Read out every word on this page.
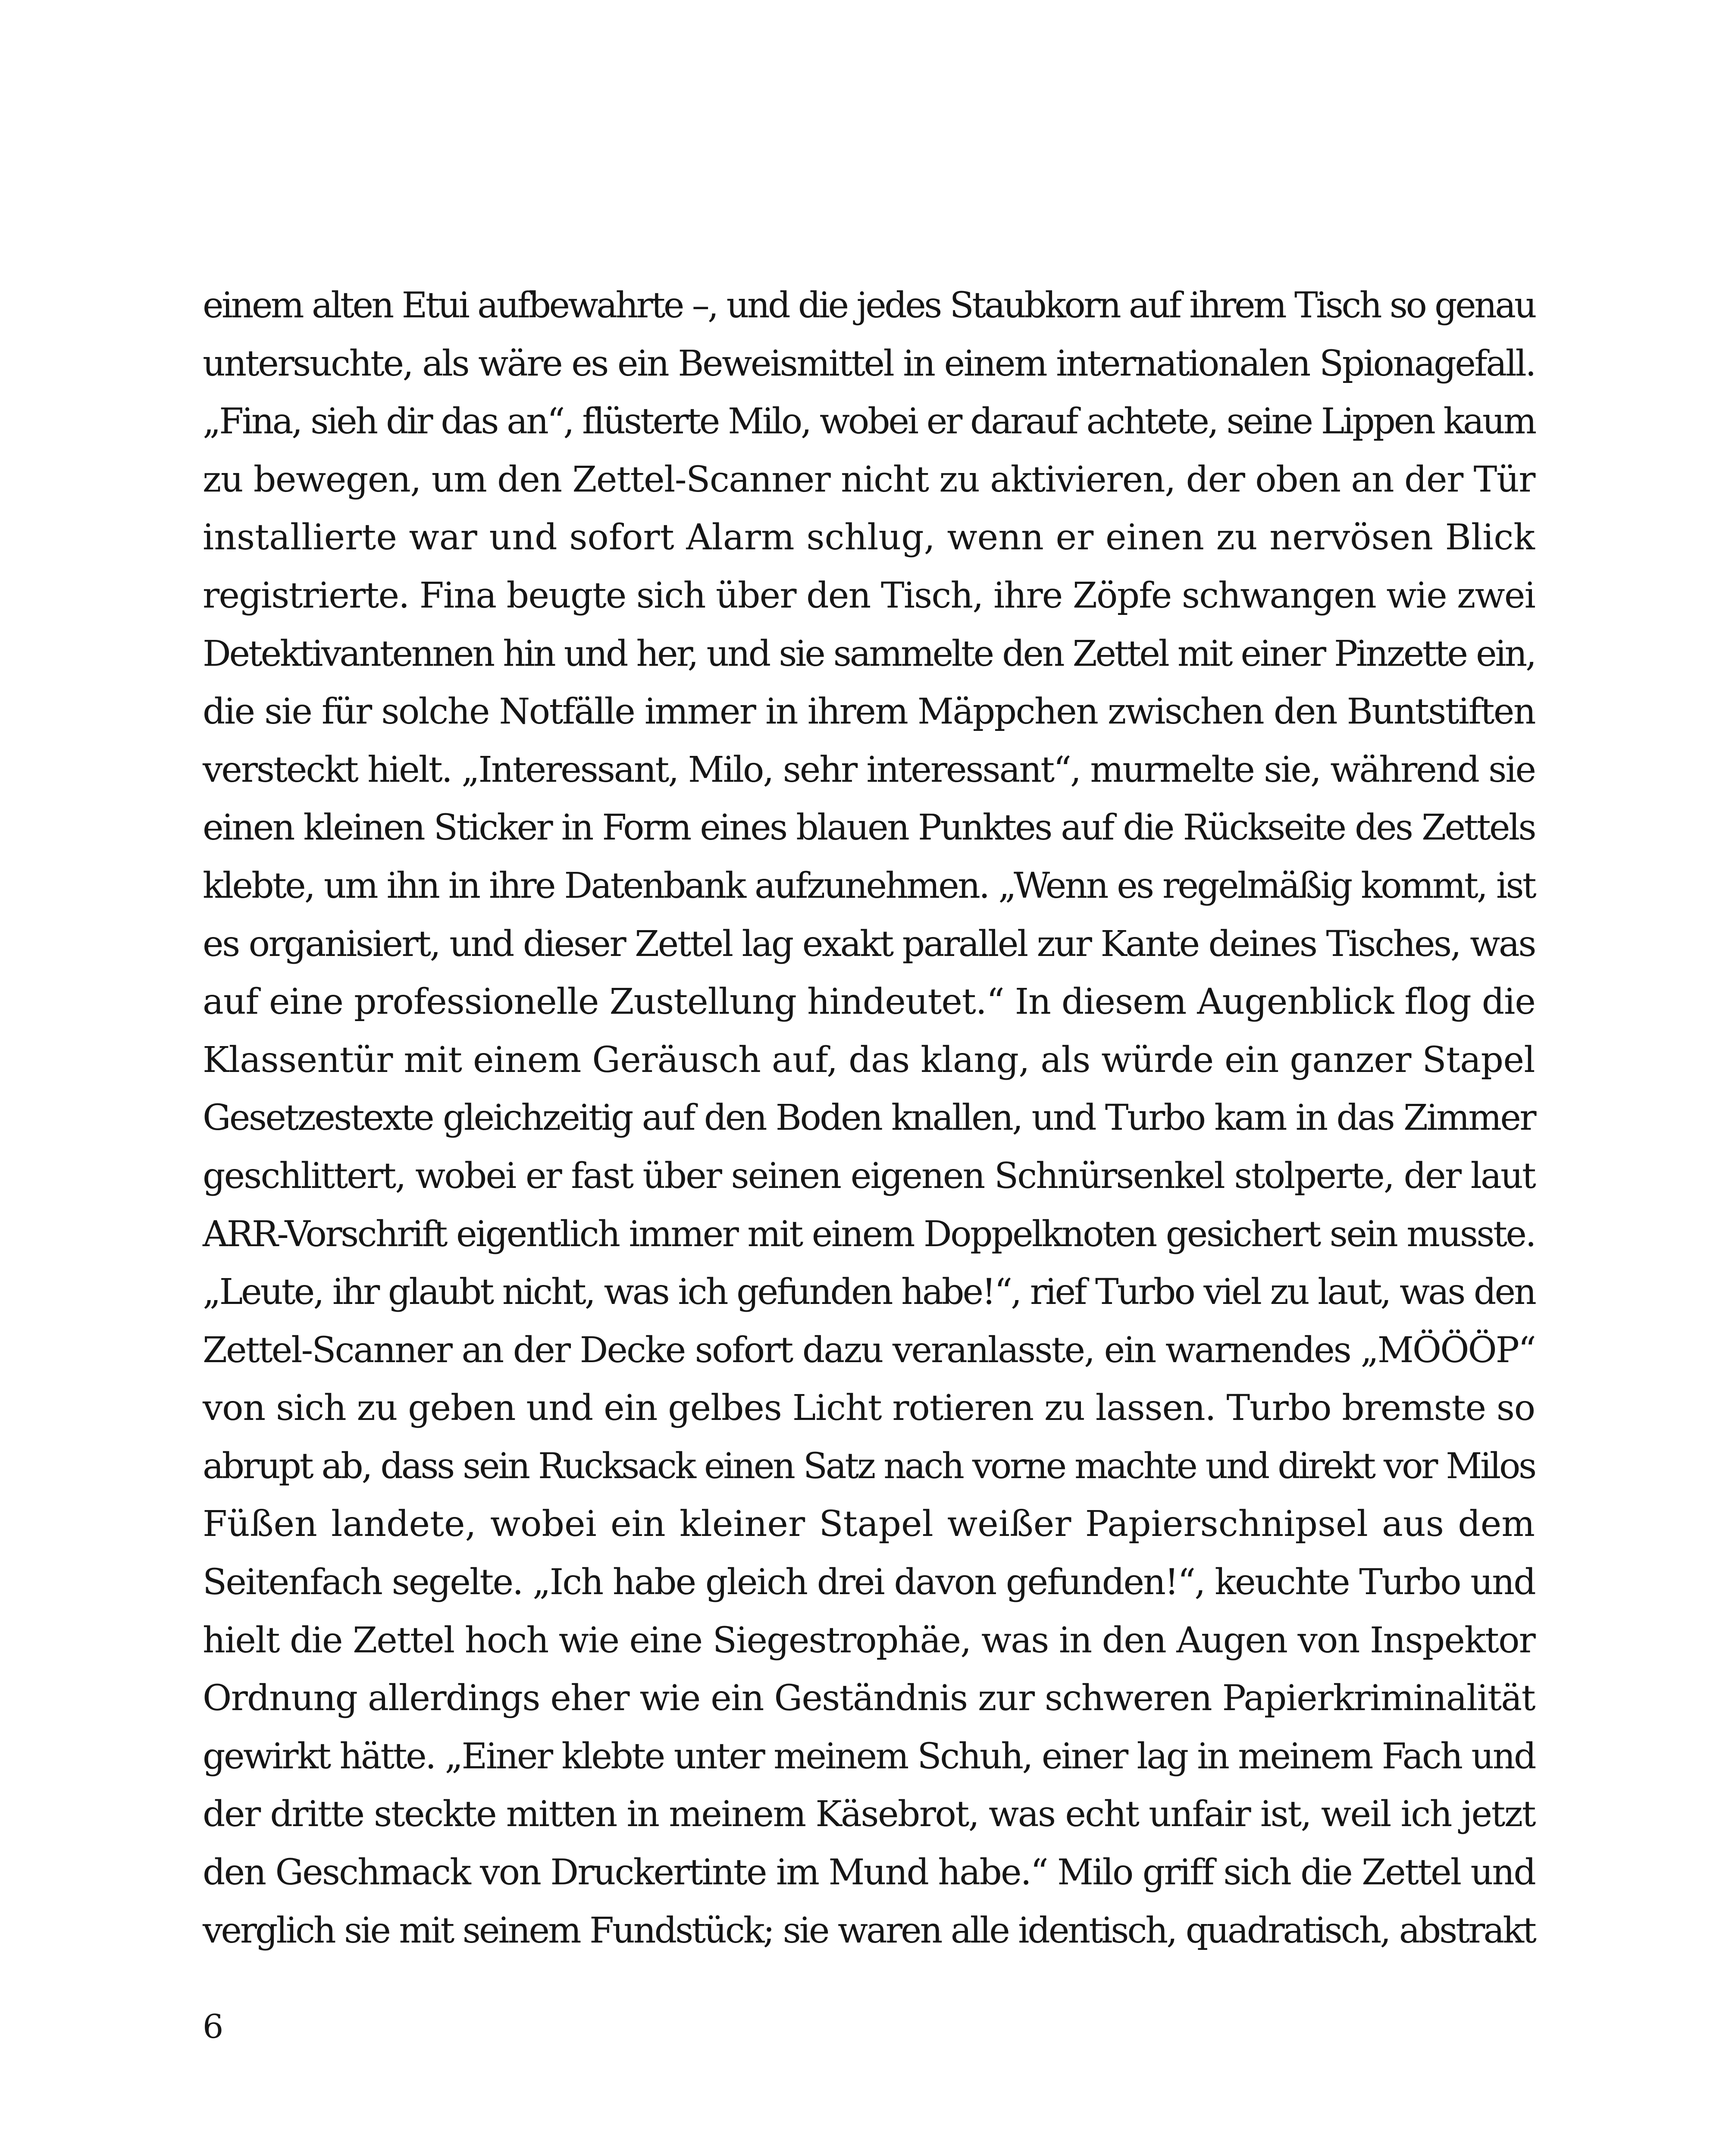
einem alten Etui aufbewahrte –, und die jedes Staubkorn auf ihrem Tisch so genau
untersuchte, als wäre es ein Beweismittel in einem internationalen Spionagefall.
„Fina, sieh dir das an“, flüsterte Milo, wobei er darauf achtete, seine Lippen kaum
zu bewegen, um den Zettel-Scanner nicht zu aktivieren, der oben an der Tür
installierte war und sofort Alarm schlug, wenn er einen zu nervösen Blick
registrierte. Fina beugte sich über den Tisch, ihre Zöpfe schwangen wie zwei
Detektivantennen hin und her, und sie sammelte den Zettel mit einer Pinzette ein,
die sie für solche Notfälle immer in ihrem Mäppchen zwischen den Buntstiften
versteckt hielt. „Interessant, Milo, sehr interessant“, murmelte sie, während sie
einen kleinen Sticker in Form eines blauen Punktes auf die Rückseite des Zettels
klebte, um ihn in ihre Datenbank aufzunehmen. „Wenn es regelmäßig kommt, ist
es organisiert, und dieser Zettel lag exakt parallel zur Kante deines Tisches, was
auf eine professionelle Zustellung hindeutet.“ In diesem Augenblick flog die
Klassentür mit einem Geräusch auf, das klang, als würde ein ganzer Stapel
Gesetzestexte gleichzeitig auf den Boden knallen, und Turbo kam in das Zimmer
geschlittert, wobei er fast über seinen eigenen Schnürsenkel stolperte, der laut
ARR-Vorschrift eigentlich immer mit einem Doppelknoten gesichert sein musste.
„Leute, ihr glaubt nicht, was ich gefunden habe!“, rief Turbo viel zu laut, was den
Zettel-Scanner an der Decke sofort dazu veranlasste, ein warnendes „MÖÖÖP“
von sich zu geben und ein gelbes Licht rotieren zu lassen. Turbo bremste so
abrupt ab, dass sein Rucksack einen Satz nach vorne machte und direkt vor Milos
Füßen landete, wobei ein kleiner Stapel weißer Papierschnipsel aus dem
Seitenfach segelte. „Ich habe gleich drei davon gefunden!“, keuchte Turbo und
hielt die Zettel hoch wie eine Siegestrophäe, was in den Augen von Inspektor
Ordnung allerdings eher wie ein Geständnis zur schweren Papierkriminalität
gewirkt hätte. „Einer klebte unter meinem Schuh, einer lag in meinem Fach und
der dritte steckte mitten in meinem Käsebrot, was echt unfair ist, weil ich jetzt
den Geschmack von Druckertinte im Mund habe.“ Milo griff sich die Zettel und
verglich sie mit seinem Fundstück; sie waren alle identisch, quadratisch, abstrakt
6
